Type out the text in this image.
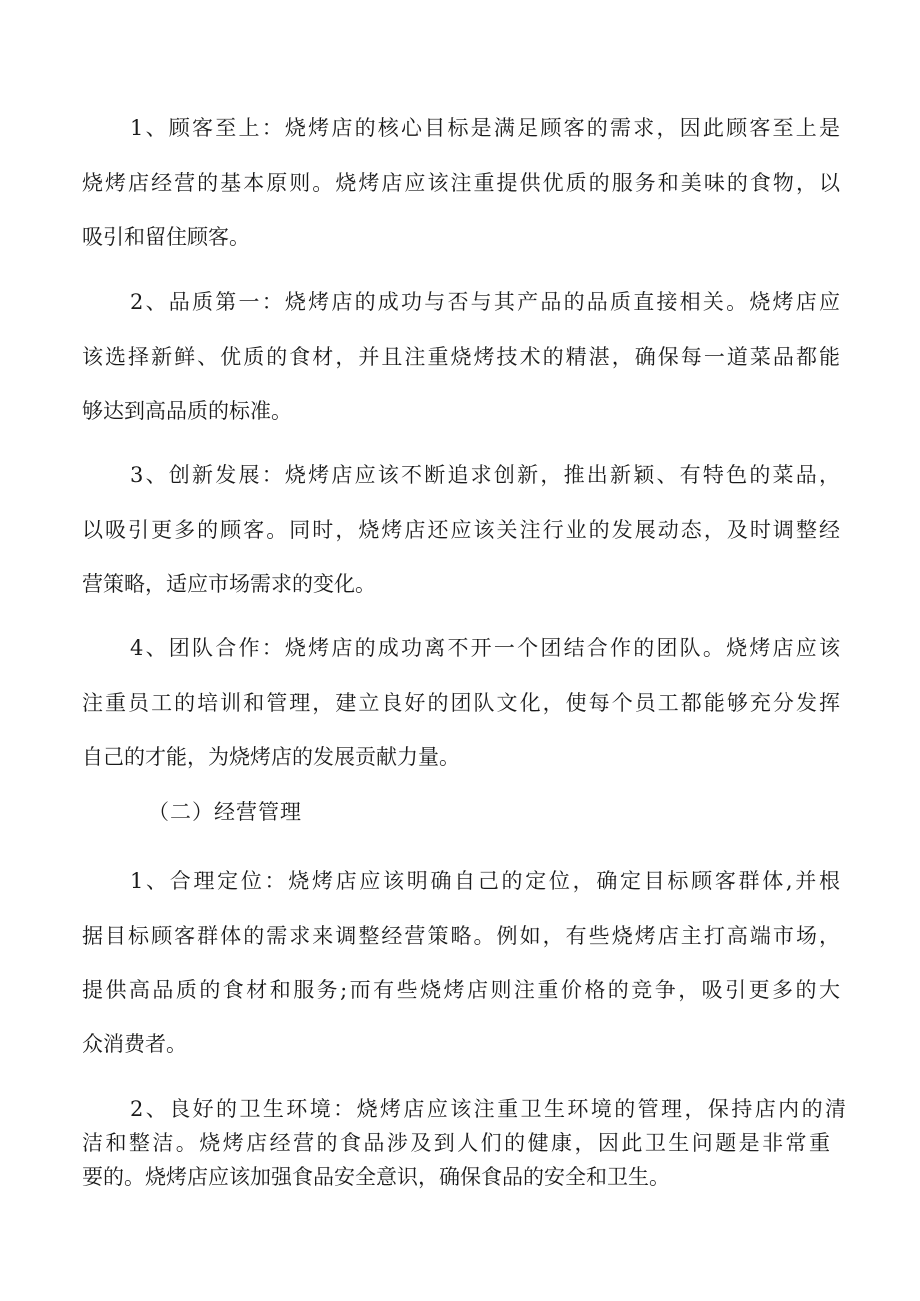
1、顾客至上：烧烤店的核心目标是满足顾客的需求，因此顾客至上是
烧烤店经营的基本原则。烧烤店应该注重提供优质的服务和美味的食物，以
吸引和留住顾客。
2、品质第一：烧烤店的成功与否与其产品的品质直接相关。烧烤店应
该选择新鲜、优质的食材，并且注重烧烤技术的精湛，确保每一道菜品都能
够达到高品质的标准。
3、创新发展：烧烤店应该不断追求创新，推出新颖、有特色的菜品，
以吸引更多的顾客。同时，烧烤店还应该关注行业的发展动态，及时调整经
营策略，适应市场需求的变化。
4、团队合作：烧烤店的成功离不开一个团结合作的团队。烧烤店应该
注重员工的培训和管理，建立良好的团队文化，使每个员工都能够充分发挥
自己的才能，为烧烤店的发展贡献力量。
（二）经营管理
1、合理定位：烧烤店应该明确自己的定位，确定目标顾客群体,并根
据目标顾客群体的需求来调整经营策略。例如，有些烧烤店主打高端市场，
提供高品质的食材和服务;而有些烧烤店则注重价格的竞争，吸引更多的大
众消费者。
2、良好的卫生环境：烧烤店应该注重卫生环境的管理，保持店内的清
洁和整洁。烧烤店经营的食品涉及到人们的健康，因此卫生问题是非常重
要的。烧烤店应该加强食品安全意识，确保食品的安全和卫生。
